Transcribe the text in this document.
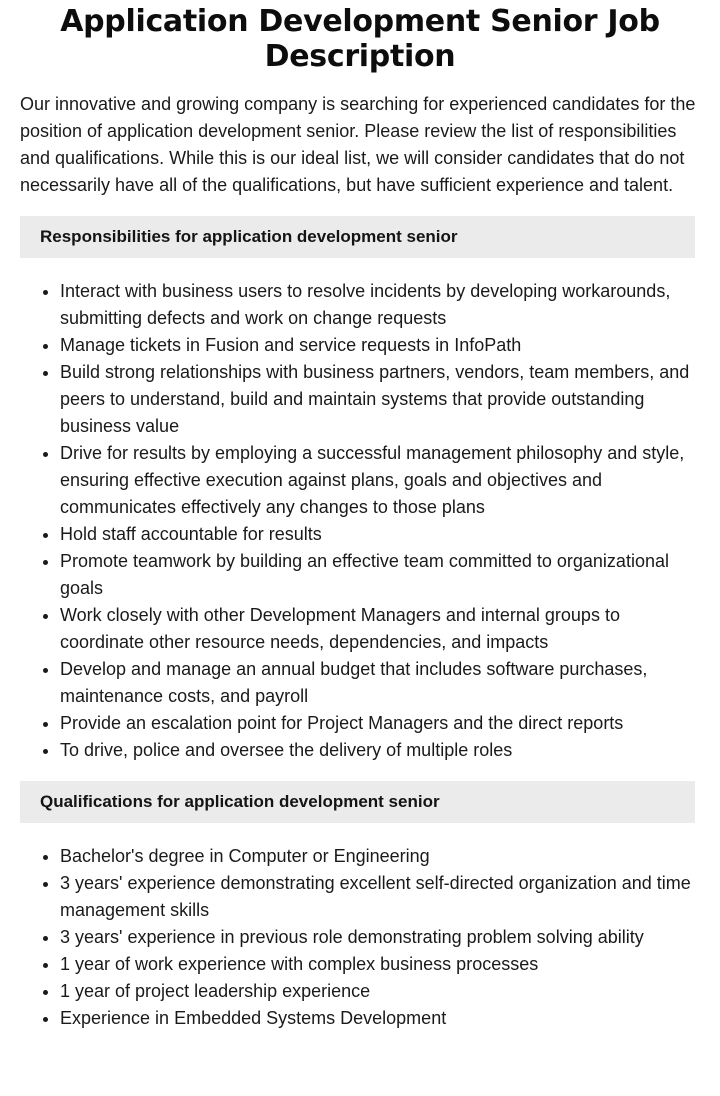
Application Development Senior Job Description

Our innovative and growing company is searching for experienced candidates for the position of application development senior. Please review the list of responsibilities and qualifications. While this is our ideal list, we will consider candidates that do not necessarily have all of the qualifications, but have sufficient experience and talent.

Responsibilities for application development senior
Interact with business users to resolve incidents by developing workarounds, submitting defects and work on change requests
Manage tickets in Fusion and service requests in InfoPath
Build strong relationships with business partners, vendors, team members, and peers to understand, build and maintain systems that provide outstanding business value
Drive for results by employing a successful management philosophy and style, ensuring effective execution against plans, goals and objectives and communicates effectively any changes to those plans
Hold staff accountable for results
Promote teamwork by building an effective team committed to organizational goals
Work closely with other Development Managers and internal groups to coordinate other resource needs, dependencies, and impacts
Develop and manage an annual budget that includes software purchases, maintenance costs, and payroll
Provide an escalation point for Project Managers and the direct reports
To drive, police and oversee the delivery of multiple roles
Qualifications for application development senior
Bachelor's degree in Computer or Engineering
3 years' experience demonstrating excellent self-directed organization and time management skills
3 years' experience in previous role demonstrating problem solving ability
1 year of work experience with complex business processes
1 year of project leadership experience
Experience in Embedded Systems Development
